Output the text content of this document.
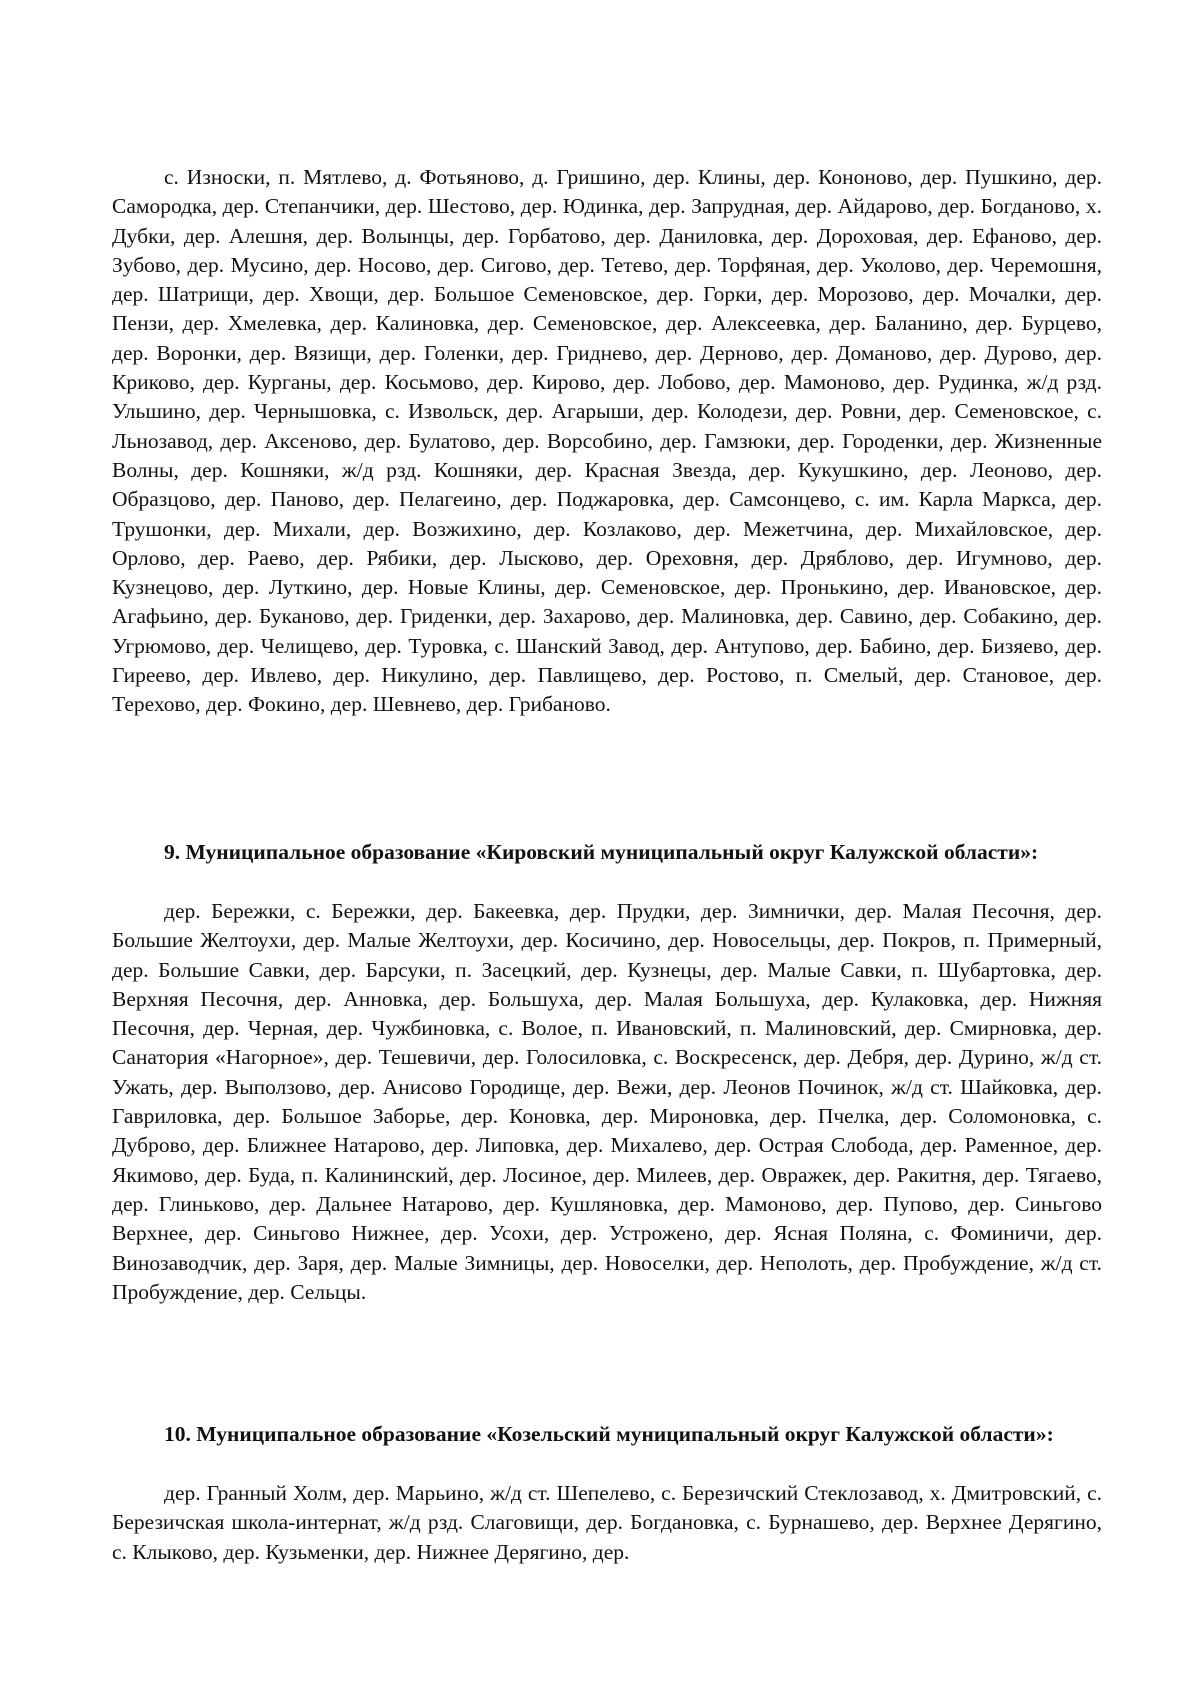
с. Износки, п. Мятлево, д. Фотьяново, д. Гришино, дер. Клины, дер. Кононово, дер. Пушкино, дер. Самородка, дер. Степанчики, дер. Шестово, дер. Юдинка, дер. Запрудная, дер. Айдарово, дер. Богданово, х. Дубки, дер. Алешня, дер. Волынцы, дер. Горбатово, дер. Даниловка, дер. Дороховая, дер. Ефаново, дер. Зубово, дер. Мусино, дер. Носово, дер. Сигово, дер. Тетево, дер. Торфяная, дер. Уколово, дер. Черемошня, дер. Шатрищи, дер. Хвощи, дер. Большое Семеновское, дер. Горки, дер. Морозово, дер. Мочалки, дер. Пензи, дер. Хмелевка, дер. Калиновка, дер. Семеновское, дер. Алексеевка, дер. Баланино, дер. Бурцево, дер. Воронки, дер. Вязищи, дер. Голенки, дер. Гриднево, дер. Дерново, дер. Доманово, дер. Дурово, дер. Криково, дер. Курганы, дер. Косьмово, дер. Кирово, дер. Лобово, дер. Мамоново, дер. Рудинка, ж/д рзд. Ульшино, дер. Чернышовка, с. Извольск, дер. Агарыши, дер. Колодези, дер. Ровни, дер. Семеновское, с. Льнозавод, дер. Аксеново, дер. Булатово, дер. Ворсобино, дер. Гамзюки, дер. Городенки, дер. Жизненные Волны, дер. Кошняки, ж/д рзд. Кошняки, дер. Красная Звезда, дер. Кукушкино, дер. Леоново, дер. Образцово, дер. Паново, дер. Пелагеино, дер. Поджаровка, дер. Самсонцево, с. им. Карла Маркса, дер. Трушонки, дер. Михали, дер. Возжихино, дер. Козлаково, дер. Межетчина, дер. Михайловское, дер. Орлово, дер. Раево, дер. Рябики, дер. Лысково, дер. Ореховня, дер. Дряблово, дер. Игумново, дер. Кузнецово, дер. Луткино, дер. Новые Клины, дер. Семеновское, дер. Пронькино, дер. Ивановское, дер. Агафьино, дер. Буканово, дер. Гриденки, дер. Захарово, дер. Малиновка, дер. Савино, дер. Собакино, дер. Угрюмово, дер. Челищево, дер. Туровка, с. Шанский Завод, дер. Антупово, дер. Бабино, дер. Бизяево, дер. Гиреево, дер. Ивлево, дер. Никулино, дер. Павлищево, дер. Ростово, п. Смелый, дер. Становое, дер. Терехово, дер. Фокино, дер. Шевнево, дер. Грибаново.

9. Муниципальное образование «Кировский муниципальный округ Калужской области»:

дер. Бережки, с. Бережки, дер. Бакеевка, дер. Прудки, дер. Зимнички, дер. Малая Песочня, дер. Большие Желтоухи, дер. Малые Желтоухи, дер. Косичино, дер. Новосельцы, дер. Покров, п. Примерный, дер. Большие Савки, дер. Барсуки, п. Засецкий, дер. Кузнецы, дер. Малые Савки, п. Шубартовка, дер. Верхняя Песочня, дер. Анновка, дер. Большуха, дер. Малая Большуха, дер. Кулаковка, дер. Нижняя Песочня, дер. Черная, дер. Чужбиновка, с. Волое, п. Ивановский, п. Малиновский, дер. Смирновка, дер. Санатория «Нагорное», дер. Тешевичи, дер. Голосиловка, с. Воскресенск, дер. Дебря, дер. Дурино, ж/д ст. Ужать, дер. Выползово, дер. Анисово Городище, дер. Вежи, дер. Леонов Починок, ж/д ст. Шайковка, дер. Гавриловка, дер. Большое Заборье, дер. Коновка, дер. Мироновка, дер. Пчелка, дер. Соломоновка, с. Дуброво, дер. Ближнее Натарово, дер. Липовка, дер. Михалево, дер. Острая Слобода, дер. Раменное, дер. Якимово, дер. Буда, п. Калининский, дер. Лосиное, дер. Милеев, дер. Овражек, дер. Ракитня, дер. Тягаево, дер. Глиньково, дер. Дальнее Натарово, дер. Кушляновка, дер. Мамоново, дер. Пупово, дер. Синьгово Верхнее, дер. Синьгово Нижнее, дер. Усохи, дер. Устрожено, дер. Ясная Поляна, с. Фоминичи, дер. Винозаводчик, дер. Заря, дер. Малые Зимницы, дер. Новоселки, дер. Неполоть, дер. Пробуждение, ж/д ст. Пробуждение, дер. Сельцы.

10. Муниципальное образование «Козельский муниципальный округ Калужской области»:

дер. Гранный Холм, дер. Марьино, ж/д ст. Шепелево, с. Березичский Стеклозавод, х. Дмитровский, с. Березичская школа-интернат, ж/д рзд. Слаговищи, дер. Богдановка, с. Бурнашево, дер. Верхнее Дерягино, с. Клыково, дер. Кузьменки, дер. Нижнее Дерягино, дер.
